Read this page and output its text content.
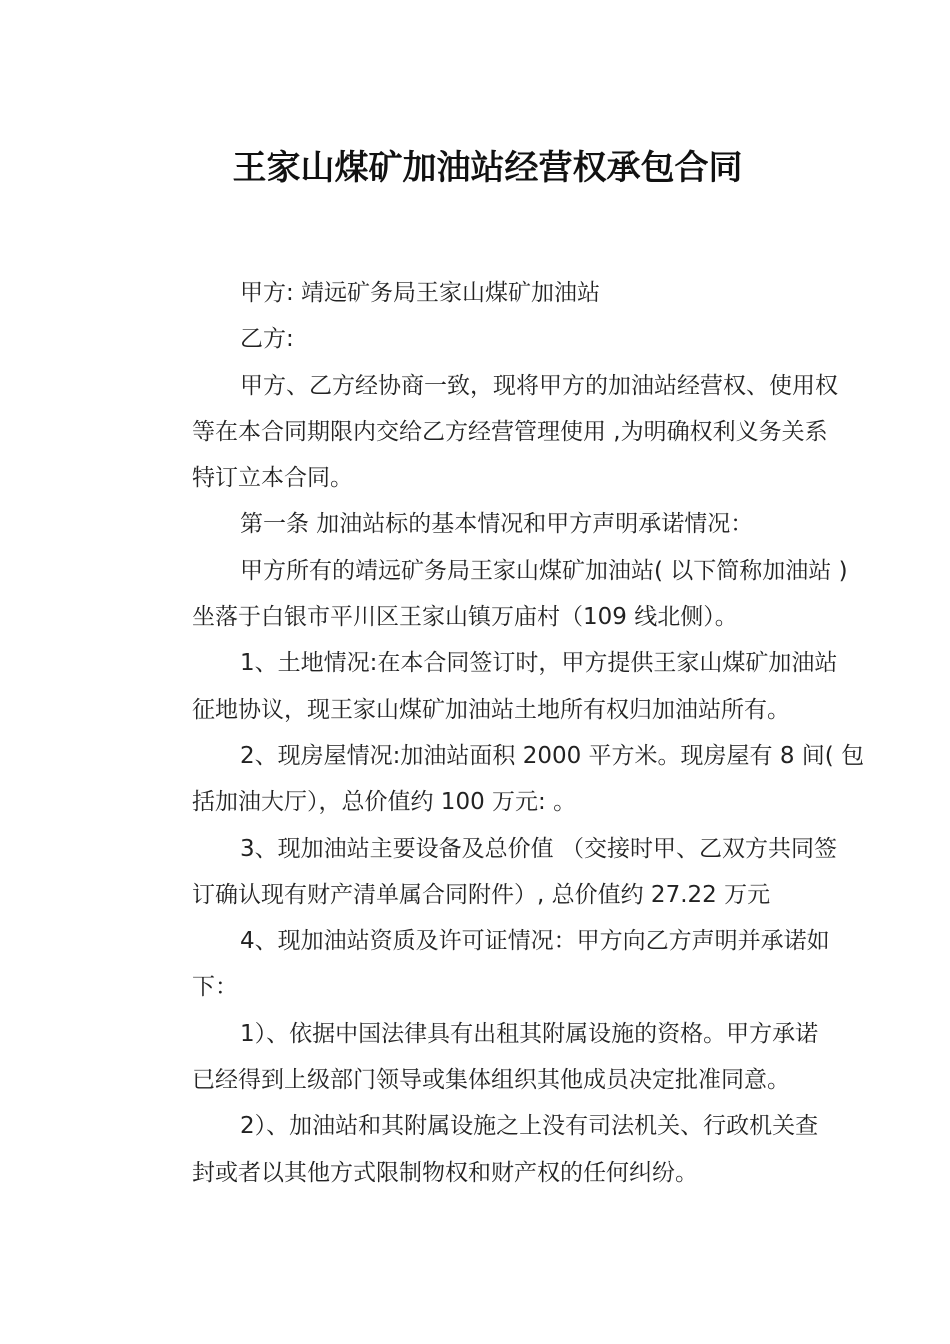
王家山煤矿加油站经营权承包合同
甲方: 靖远矿务局王家山煤矿加油站
乙方:
甲方、乙方经协商一致，现将甲方的加油站经营权、使用权
等在本合同期限内交给乙方经营管理使用 ,为明确权利义务关系
特订立本合同。
第一条 加油站标的基本情况和甲方声明承诺情况：
甲方所有的靖远矿务局王家山煤矿加油站( 以下简称加油站 )
坐落于白银市平川区王家山镇万庙村（109 线北侧）。
1、土地情况:在本合同签订时，甲方提供王家山煤矿加油站
征地协议，现王家山煤矿加油站土地所有权归加油站所有。
2、现房屋情况:加油站面积 2000 平方米。现房屋有 8 间( 包
括加油大厅），总价值约 100 万元: 。
3、现加油站主要设备及总价值 （交接时甲、乙双方共同签
订确认现有财产清单属合同附件）, 总价值约 27.22 万元
4、现加油站资质及许可证情况：甲方向乙方声明并承诺如
下：
1）、依据中国法律具有出租其附属设施的资格。甲方承诺
已经得到上级部门领导或集体组织其他成员决定批准同意。
2）、加油站和其附属设施之上没有司法机关、行政机关查
封或者以其他方式限制物权和财产权的任何纠纷。
